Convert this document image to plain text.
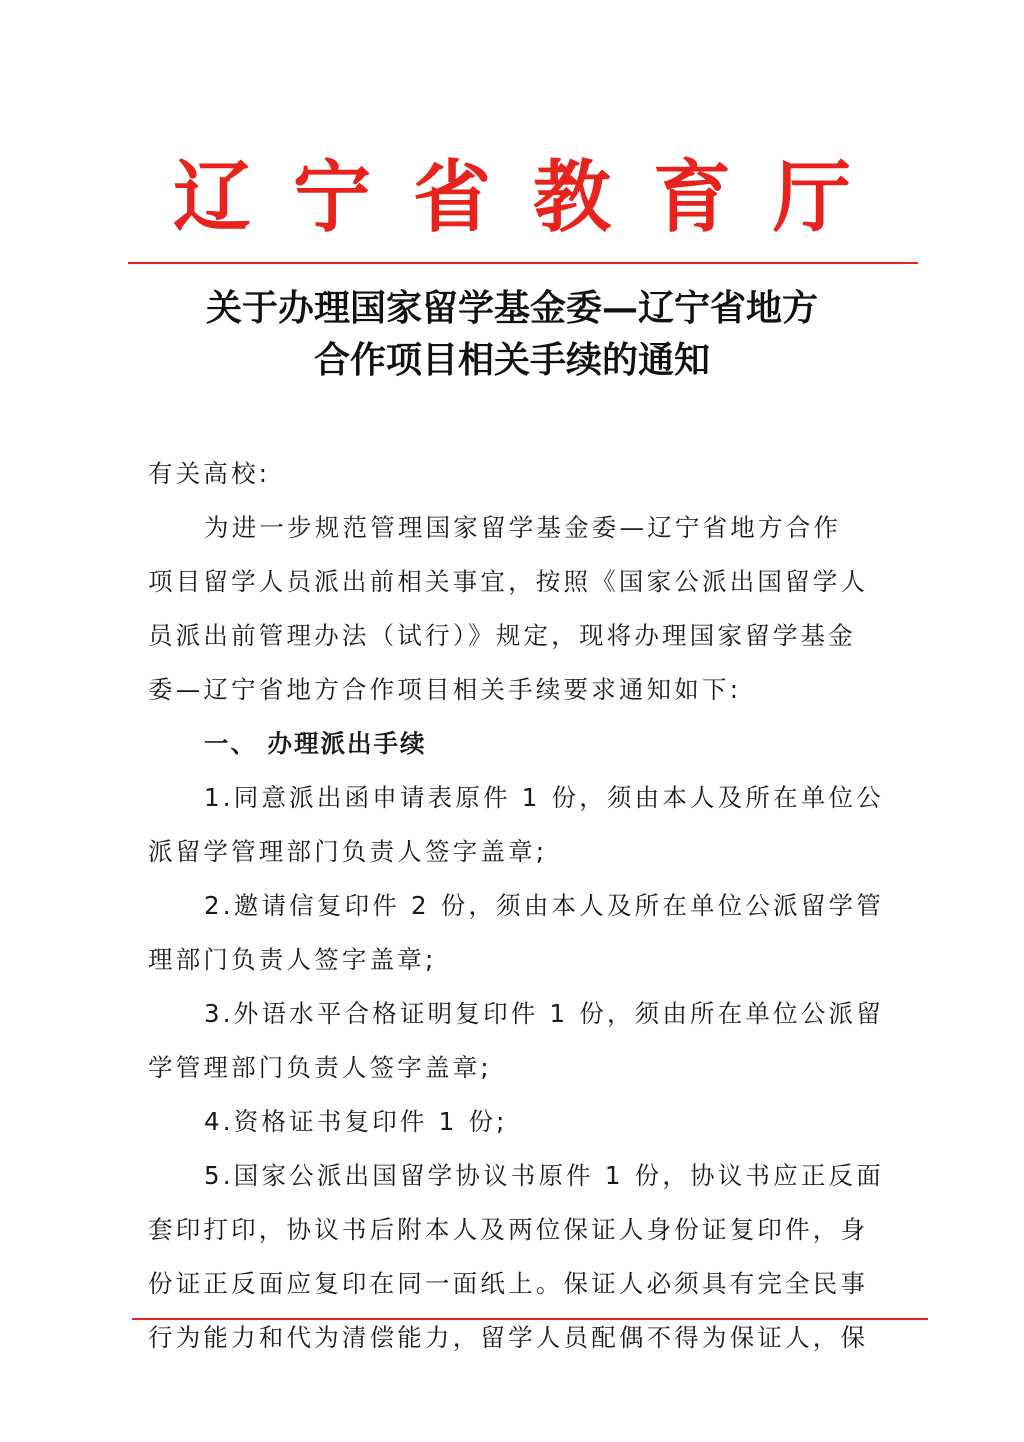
辽宁省教育厅
关于办理国家留学基金委—辽宁省地方
合作项目相关手续的通知
有关高校:
为进一步规范管理国家留学基金委—辽宁省地方合作
项目留学人员派出前相关事宜，按照《国家公派出国留学人
员派出前管理办法（试行）》规定，现将办理国家留学基金
委—辽宁省地方合作项目相关手续要求通知如下:
一、 办理派出手续
1.同意派出函申请表原件 1 份，须由本人及所在单位公
派留学管理部门负责人签字盖章;
2.邀请信复印件 2 份，须由本人及所在单位公派留学管
理部门负责人签字盖章;
3.外语水平合格证明复印件 1 份，须由所在单位公派留
学管理部门负责人签字盖章;
4.资格证书复印件 1 份;
5.国家公派出国留学协议书原件 1 份，协议书应正反面
套印打印，协议书后附本人及两位保证人身份证复印件，身
份证正反面应复印在同一面纸上。保证人必须具有完全民事
行为能力和代为清偿能力，留学人员配偶不得为保证人，保
